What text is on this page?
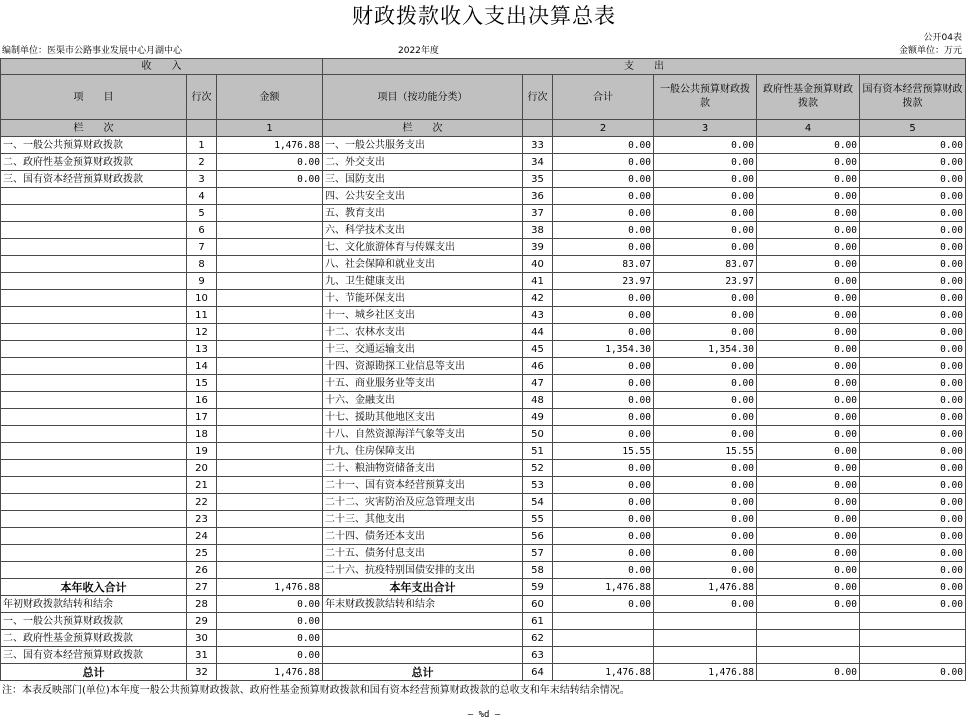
财政拨款收入支出决算总表
公开04表
编制单位：医渠市公路事业发展中心月湖中心	2022年度	金额单位：万元
收　　入			支　　出					
项　　目	行次	金额	项目（按功能分类）	行次	合计	一般公共预算财政拨款	政府性基金预算财政拨款	国有资本经营预算财政拨款
栏　　次		1	栏　　次		2	3	4	5
一、一般公共预算财政拨款	1	1,476.88	一、一般公共服务支出	33	0.00	0.00	0.00	0.00
二、政府性基金预算财政拨款	2	0.00	二、外交支出	34	0.00	0.00	0.00	0.00
三、国有资本经营预算财政拨款	3	0.00	三、国防支出	35	0.00	0.00	0.00	0.00
	4		四、公共安全支出	36	0.00	0.00	0.00	0.00
	5		五、教育支出	37	0.00	0.00	0.00	0.00
	6		六、科学技术支出	38	0.00	0.00	0.00	0.00
	7		七、文化旅游体育与传媒支出	39	0.00	0.00	0.00	0.00
	8		八、社会保障和就业支出	40	83.07	83.07	0.00	0.00
	9		九、卫生健康支出	41	23.97	23.97	0.00	0.00
	10		十、节能环保支出	42	0.00	0.00	0.00	0.00
	11		十一、城乡社区支出	43	0.00	0.00	0.00	0.00
	12		十二、农林水支出	44	0.00	0.00	0.00	0.00
	13		十三、交通运输支出	45	1,354.30	1,354.30	0.00	0.00
	14		十四、资源勘探工业信息等支出	46	0.00	0.00	0.00	0.00
	15		十五、商业服务业等支出	47	0.00	0.00	0.00	0.00
	16		十六、金融支出	48	0.00	0.00	0.00	0.00
	17		十七、援助其他地区支出	49	0.00	0.00	0.00	0.00
	18		十八、自然资源海洋气象等支出	50	0.00	0.00	0.00	0.00
	19		十九、住房保障支出	51	15.55	15.55	0.00	0.00
	20		二十、粮油物资储备支出	52	0.00	0.00	0.00	0.00
	21		二十一、国有资本经营预算支出	53	0.00	0.00	0.00	0.00
	22		二十二、灾害防治及应急管理支出	54	0.00	0.00	0.00	0.00
	23		二十三、其他支出	55	0.00	0.00	0.00	0.00
	24		二十四、债务还本支出	56	0.00	0.00	0.00	0.00
	25		二十五、债务付息支出	57	0.00	0.00	0.00	0.00
	26		二十六、抗疫特别国债安排的支出	58	0.00	0.00	0.00	0.00
本年收入合计	27	1,476.88	本年支出合计	59	1,476.88	1,476.88	0.00	0.00
年初财政拨款结转和结余	28	0.00	年末财政拨款结转和结余	60	0.00	0.00	0.00	0.00
一、一般公共预算财政拨款	29	0.00		61				
二、政府性基金预算财政拨款	30	0.00		62				
三、国有资本经营预算财政拨款	31	0.00		63				
总计	32	1,476.88	总计	64	1,476.88	1,476.88	0.00	0.00
注：本表反映部门(单位)本年度一般公共预算财政拨款、政府性基金预算财政拨款和国有资本经营预算财政拨款的总收支和年末结转结余情况。
— %d —
